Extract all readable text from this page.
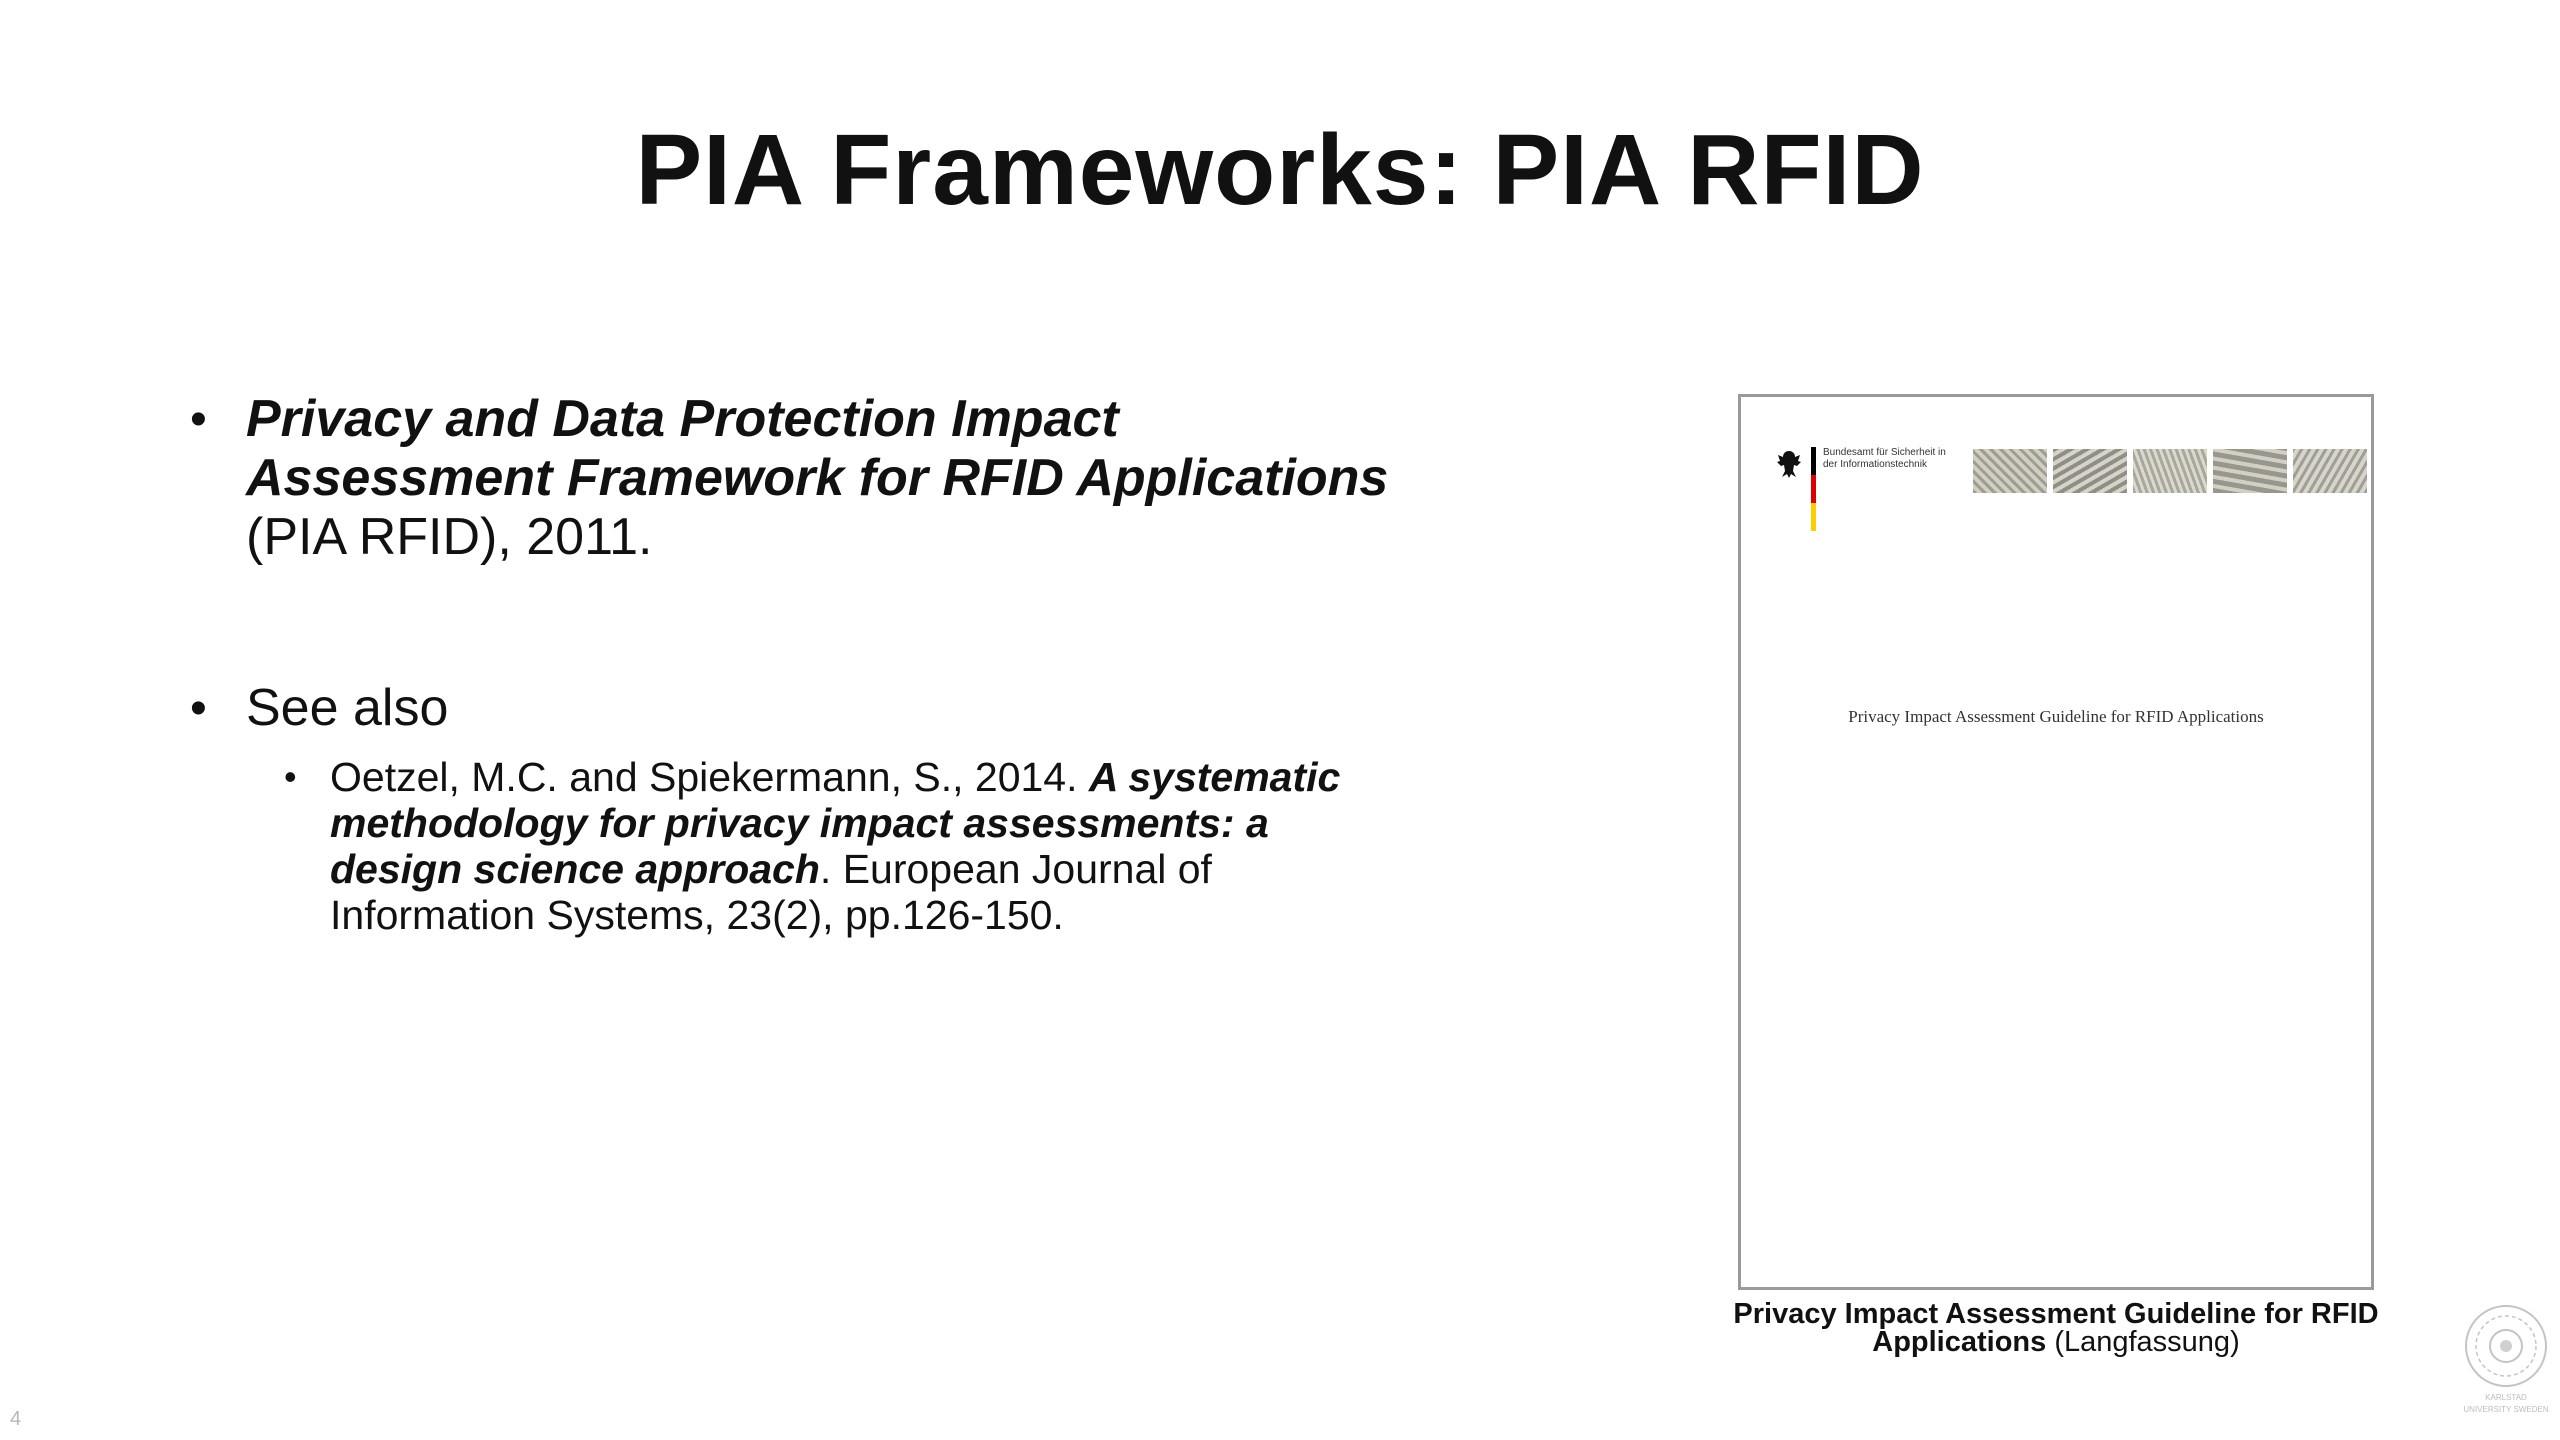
PIA Frameworks: PIA RFID
• Privacy and Data Protection Impact Assessment Framework for RFID Applications (PIA RFID), 2011.
• See also
• Oetzel, M.C. and Spiekermann, S., 2014. A systematic methodology for privacy impact assessments: a design science approach. European Journal of Information Systems, 23(2), pp.126-150.
Bundesamt für Sicherheit in der Informationstechnik
Privacy Impact Assessment Guideline for RFID Applications
Privacy Impact Assessment Guideline for RFID Applications (Langfassung)
4
KARLSTAD UNIVERSITY SWEDEN
